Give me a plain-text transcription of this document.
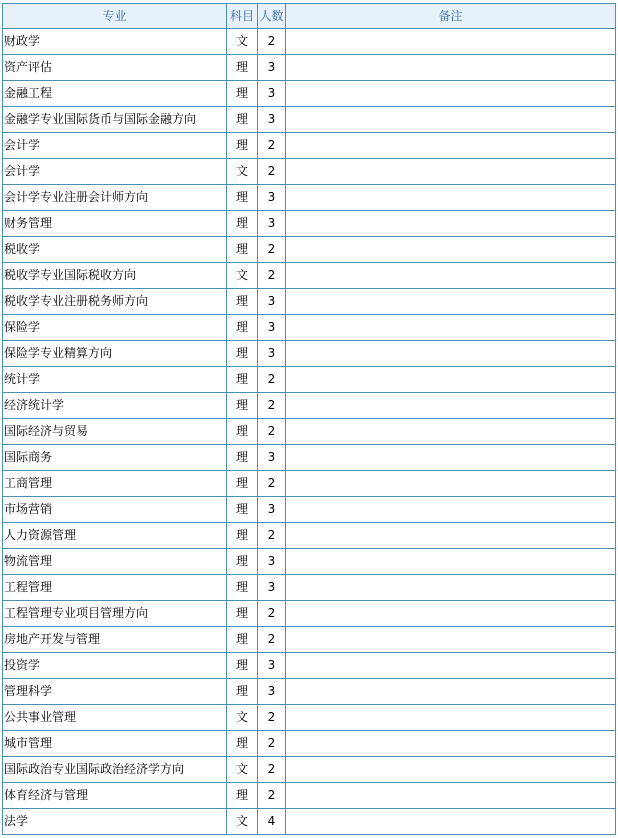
专业	科目	人数	备注
财政学	文	2	
资产评估	理	3	
金融工程	理	3	
金融学专业国际货币与国际金融方向	理	3	
会计学	理	2	
会计学	文	2	
会计学专业注册会计师方向	理	3	
财务管理	理	3	
税收学	理	2	
税收学专业国际税收方向	文	2	
税收学专业注册税务师方向	理	3	
保险学	理	3	
保险学专业精算方向	理	3	
统计学	理	2	
经济统计学	理	2	
国际经济与贸易	理	2	
国际商务	理	3	
工商管理	理	2	
市场营销	理	3	
人力资源管理	理	2	
物流管理	理	3	
工程管理	理	3	
工程管理专业项目管理方向	理	2	
房地产开发与管理	理	2	
投资学	理	3	
管理科学	理	3	
公共事业管理	文	2	
城市管理	理	2	
国际政治专业国际政治经济学方向	文	2	
体育经济与管理	理	2	
法学	文	4	
